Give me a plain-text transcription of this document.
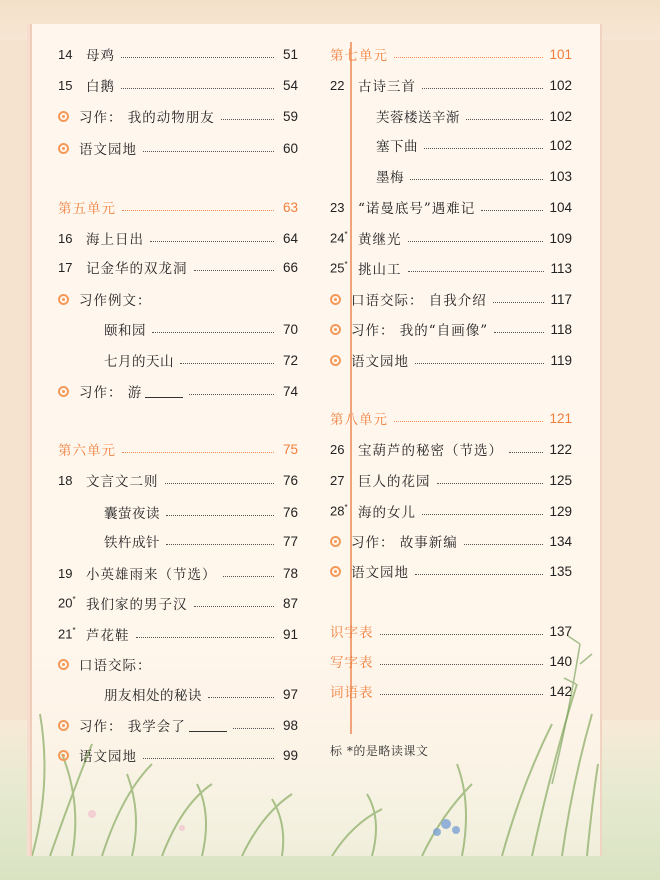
14	母鸡	51
15	白鹅	54
习作： 我的动物朋友	59
语文园地	60
第五单元	63
16	海上日出	64
17	记金华的双龙洞	66
习作例文：
颐和园	70
七月的天山	72
习作： 游	74
第六单元	75
18	文言文二则	76
囊萤夜读	76
铁杵成针	77
19	小英雄雨来（节选）	78
20* 我们家的男子汉	87
21* 芦花鞋	91
口语交际：
朋友相处的秘诀	97
习作： 我学会了	98
语文园地	99
第七单元	101
22	古诗三首	102
芙蓉楼送辛渐	102
塞下曲	102
墨梅	103
23	“诺曼底号”遇难记	104
24* 黄继光	109
25* 挑山工	113
口语交际： 自我介绍	117
习作： 我的“自画像”	118
语文园地	119
第八单元	121
26	宝葫芦的秘密（节选）	122
27	巨人的花园	125
28* 海的女儿	129
习作： 故事新编	134
语文园地	135
识字表	137
写字表	140
词语表	142
标 *的是略读课文
